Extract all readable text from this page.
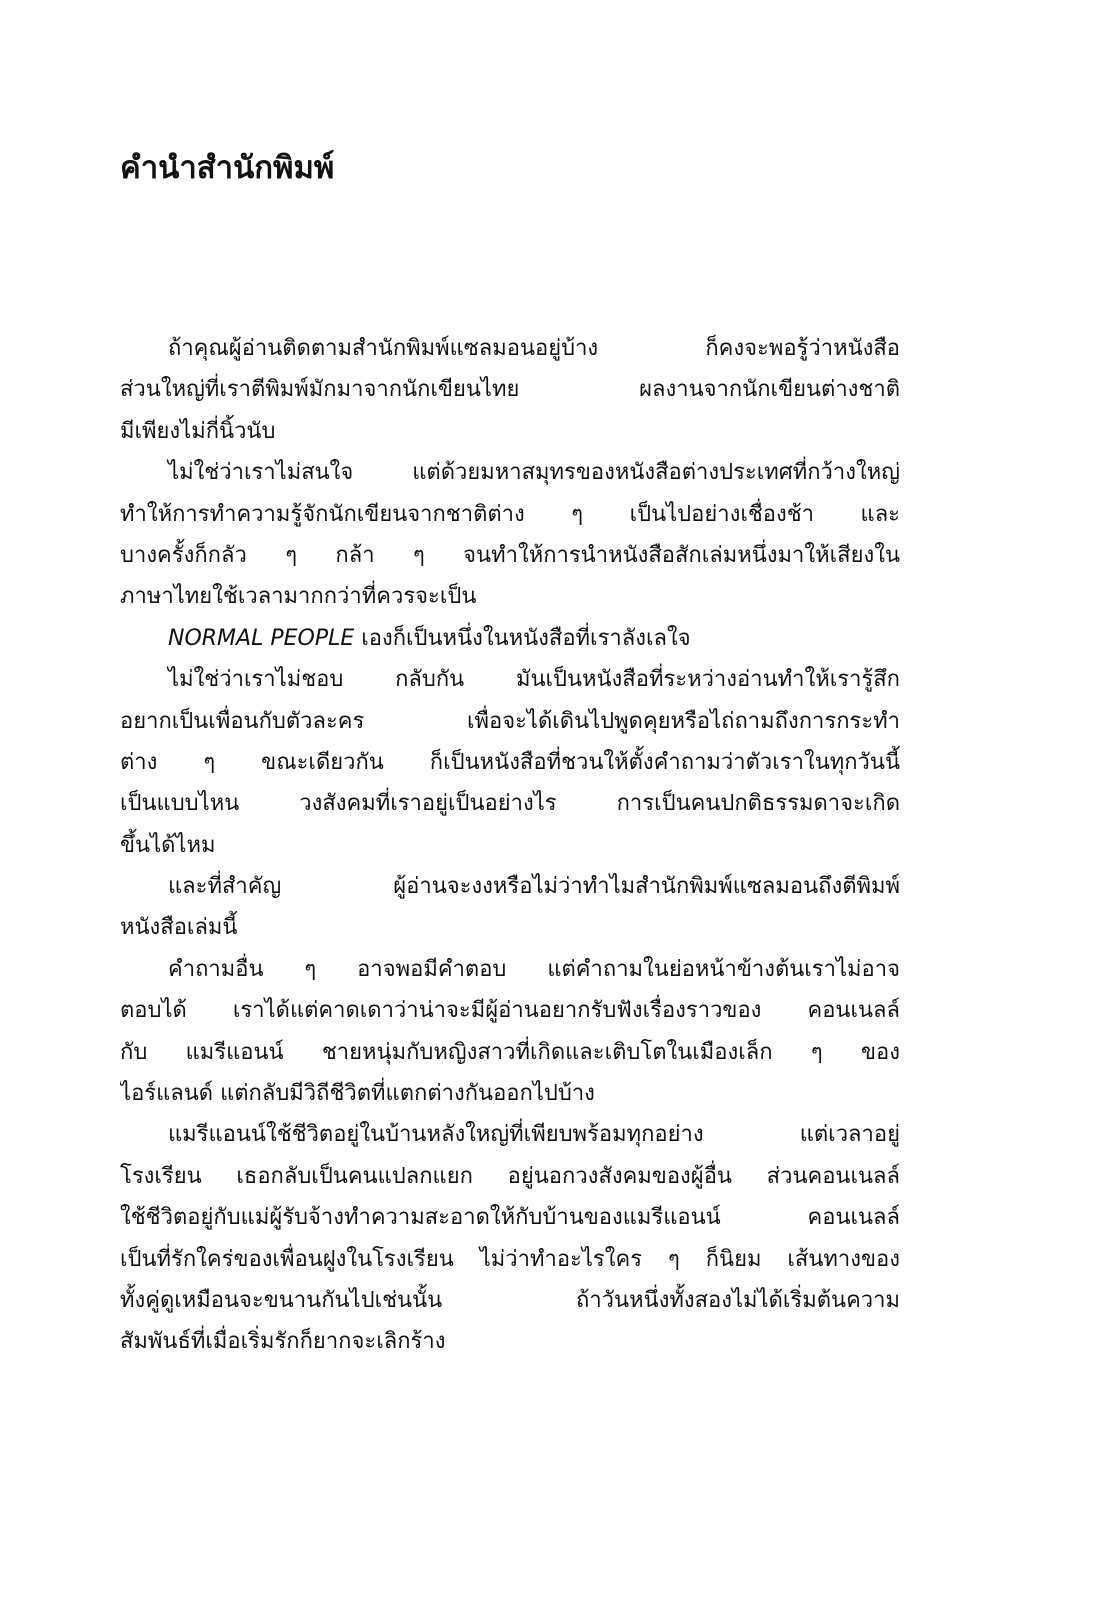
คำนำสำนักพิมพ์
ถ้าคุณผู้อ่านติดตามสำนักพิมพ์แซลมอนอยู่บ้าง ก็คงจะพอรู้ว่าหนังสือ
ส่วนใหญ่ที่เราตีพิมพ์มักมาจากนักเขียนไทย ผลงานจากนักเขียนต่างชาติ
มีเพียงไม่กี่นิ้วนับ
ไม่ใช่ว่าเราไม่สนใจ แต่ด้วยมหาสมุทรของหนังสือต่างประเทศที่กว้างใหญ่
ทำให้การทำความรู้จักนักเขียนจากชาติต่าง ๆ เป็นไปอย่างเชื่องช้า และ
บางครั้งก็กลัว ๆ กล้า ๆ จนทำให้การนำหนังสือสักเล่มหนึ่งมาให้เสียงใน
ภาษาไทยใช้เวลามากกว่าที่ควรจะเป็น
NORMAL PEOPLE เองก็เป็นหนึ่งในหนังสือที่เราลังเลใจ
ไม่ใช่ว่าเราไม่ชอบ กลับกัน มันเป็นหนังสือที่ระหว่างอ่านทำให้เรารู้สึก
อยากเป็นเพื่อนกับตัวละคร เพื่อจะได้เดินไปพูดคุยหรือไถ่ถามถึงการกระทำ
ต่าง ๆ ขณะเดียวกัน ก็เป็นหนังสือที่ชวนให้ตั้งคำถามว่าตัวเราในทุกวันนี้
เป็นแบบไหน วงสังคมที่เราอยู่เป็นอย่างไร การเป็นคนปกติธรรมดาจะเกิด
ขึ้นได้ไหม
และที่สำคัญ ผู้อ่านจะงงหรือไม่ว่าทำไมสำนักพิมพ์แซลมอนถึงตีพิมพ์
หนังสือเล่มนี้
คำถามอื่น ๆ อาจพอมีคำตอบ แต่คำถามในย่อหน้าข้างต้นเราไม่อาจ
ตอบได้ เราได้แต่คาดเดาว่าน่าจะมีผู้อ่านอยากรับฟังเรื่องราวของ คอนเนลล์
กับ แมรีแอนน์ ชายหนุ่มกับหญิงสาวที่เกิดและเติบโตในเมืองเล็ก ๆ ของ
ไอร์แลนด์ แต่กลับมีวิถีชีวิตที่แตกต่างกันออกไปบ้าง
แมรีแอนน์ใช้ชีวิตอยู่ในบ้านหลังใหญ่ที่เพียบพร้อมทุกอย่าง แต่เวลาอยู่
โรงเรียน เธอกลับเป็นคนแปลกแยก อยู่นอกวงสังคมของผู้อื่น ส่วนคอนเนลล์
ใช้ชีวิตอยู่กับแม่ผู้รับจ้างทำความสะอาดให้กับบ้านของแมรีแอนน์ คอนเนลล์
เป็นที่รักใคร่ของเพื่อนฝูงในโรงเรียน ไม่ว่าทำอะไรใคร ๆ ก็นิยม เส้นทางของ
ทั้งคู่ดูเหมือนจะขนานกันไปเช่นนั้น ถ้าวันหนึ่งทั้งสองไม่ได้เริ่มต้นความ
สัมพันธ์ที่เมื่อเริ่มรักก็ยากจะเลิกร้าง
